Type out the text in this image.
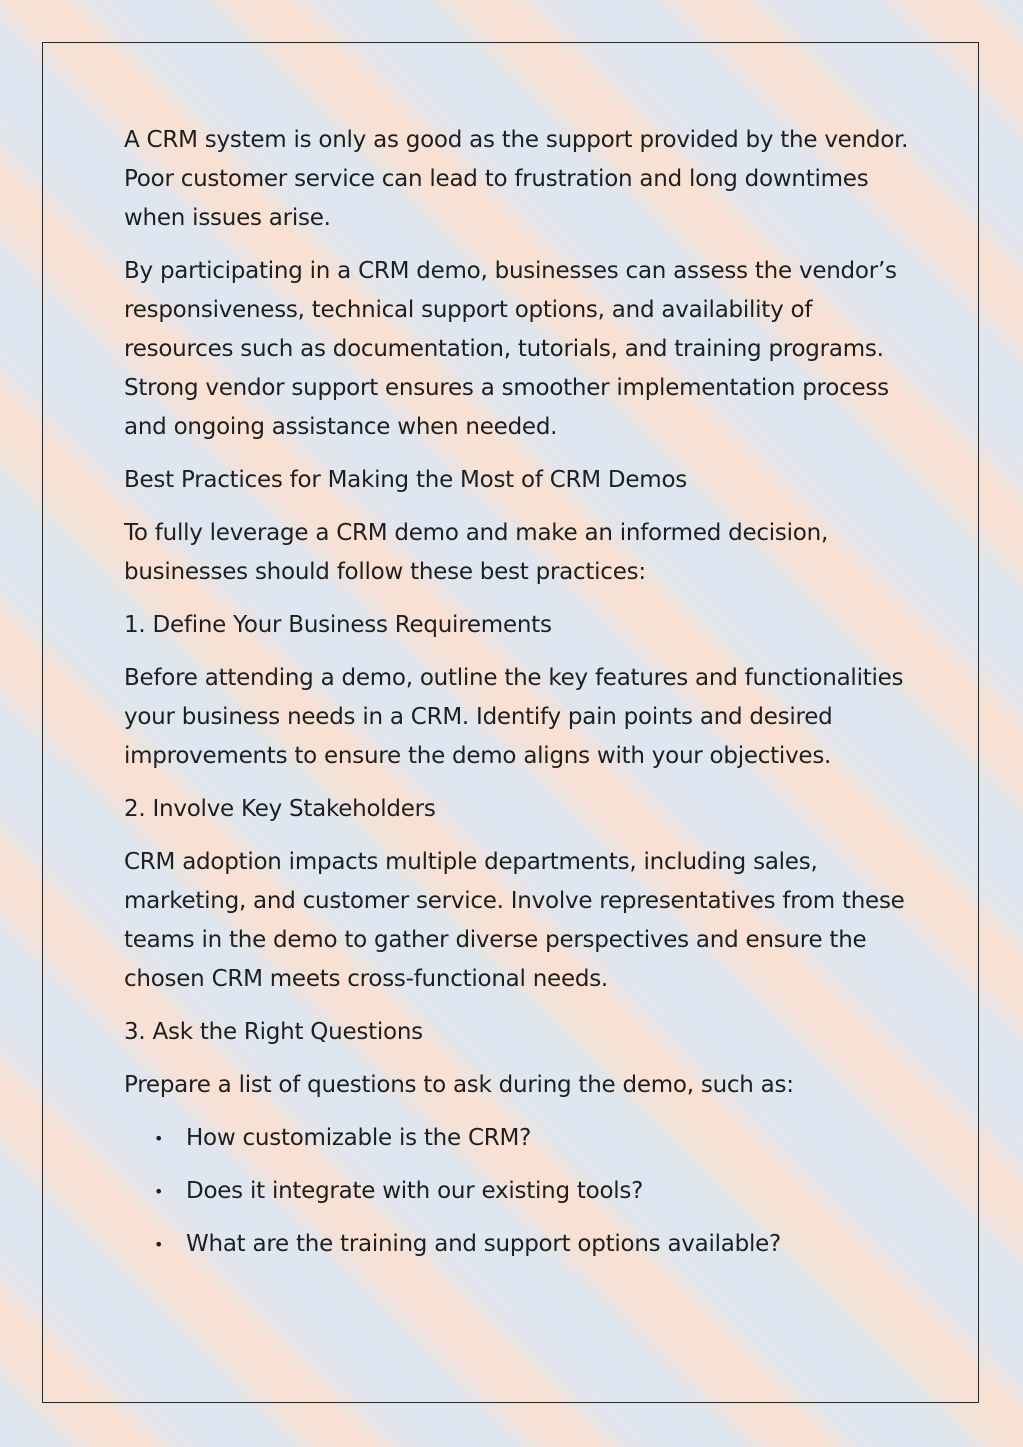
A CRM system is only as good as the support provided by the vendor. Poor customer service can lead to frustration and long downtimes when issues arise.

By participating in a CRM demo, businesses can assess the vendor’s responsiveness, technical support options, and availability of resources such as documentation, tutorials, and training programs. Strong vendor support ensures a smoother implementation process and ongoing assistance when needed.

Best Practices for Making the Most of CRM Demos

To fully leverage a CRM demo and make an informed decision, businesses should follow these best practices:

1. Define Your Business Requirements

Before attending a demo, outline the key features and functionalities your business needs in a CRM. Identify pain points and desired improvements to ensure the demo aligns with your objectives.

2. Involve Key Stakeholders

CRM adoption impacts multiple departments, including sales, marketing, and customer service. Involve representatives from these teams in the demo to gather diverse perspectives and ensure the chosen CRM meets cross-functional needs.

3. Ask the Right Questions

Prepare a list of questions to ask during the demo, such as:

• How customizable is the CRM?
• Does it integrate with our existing tools?
• What are the training and support options available?
